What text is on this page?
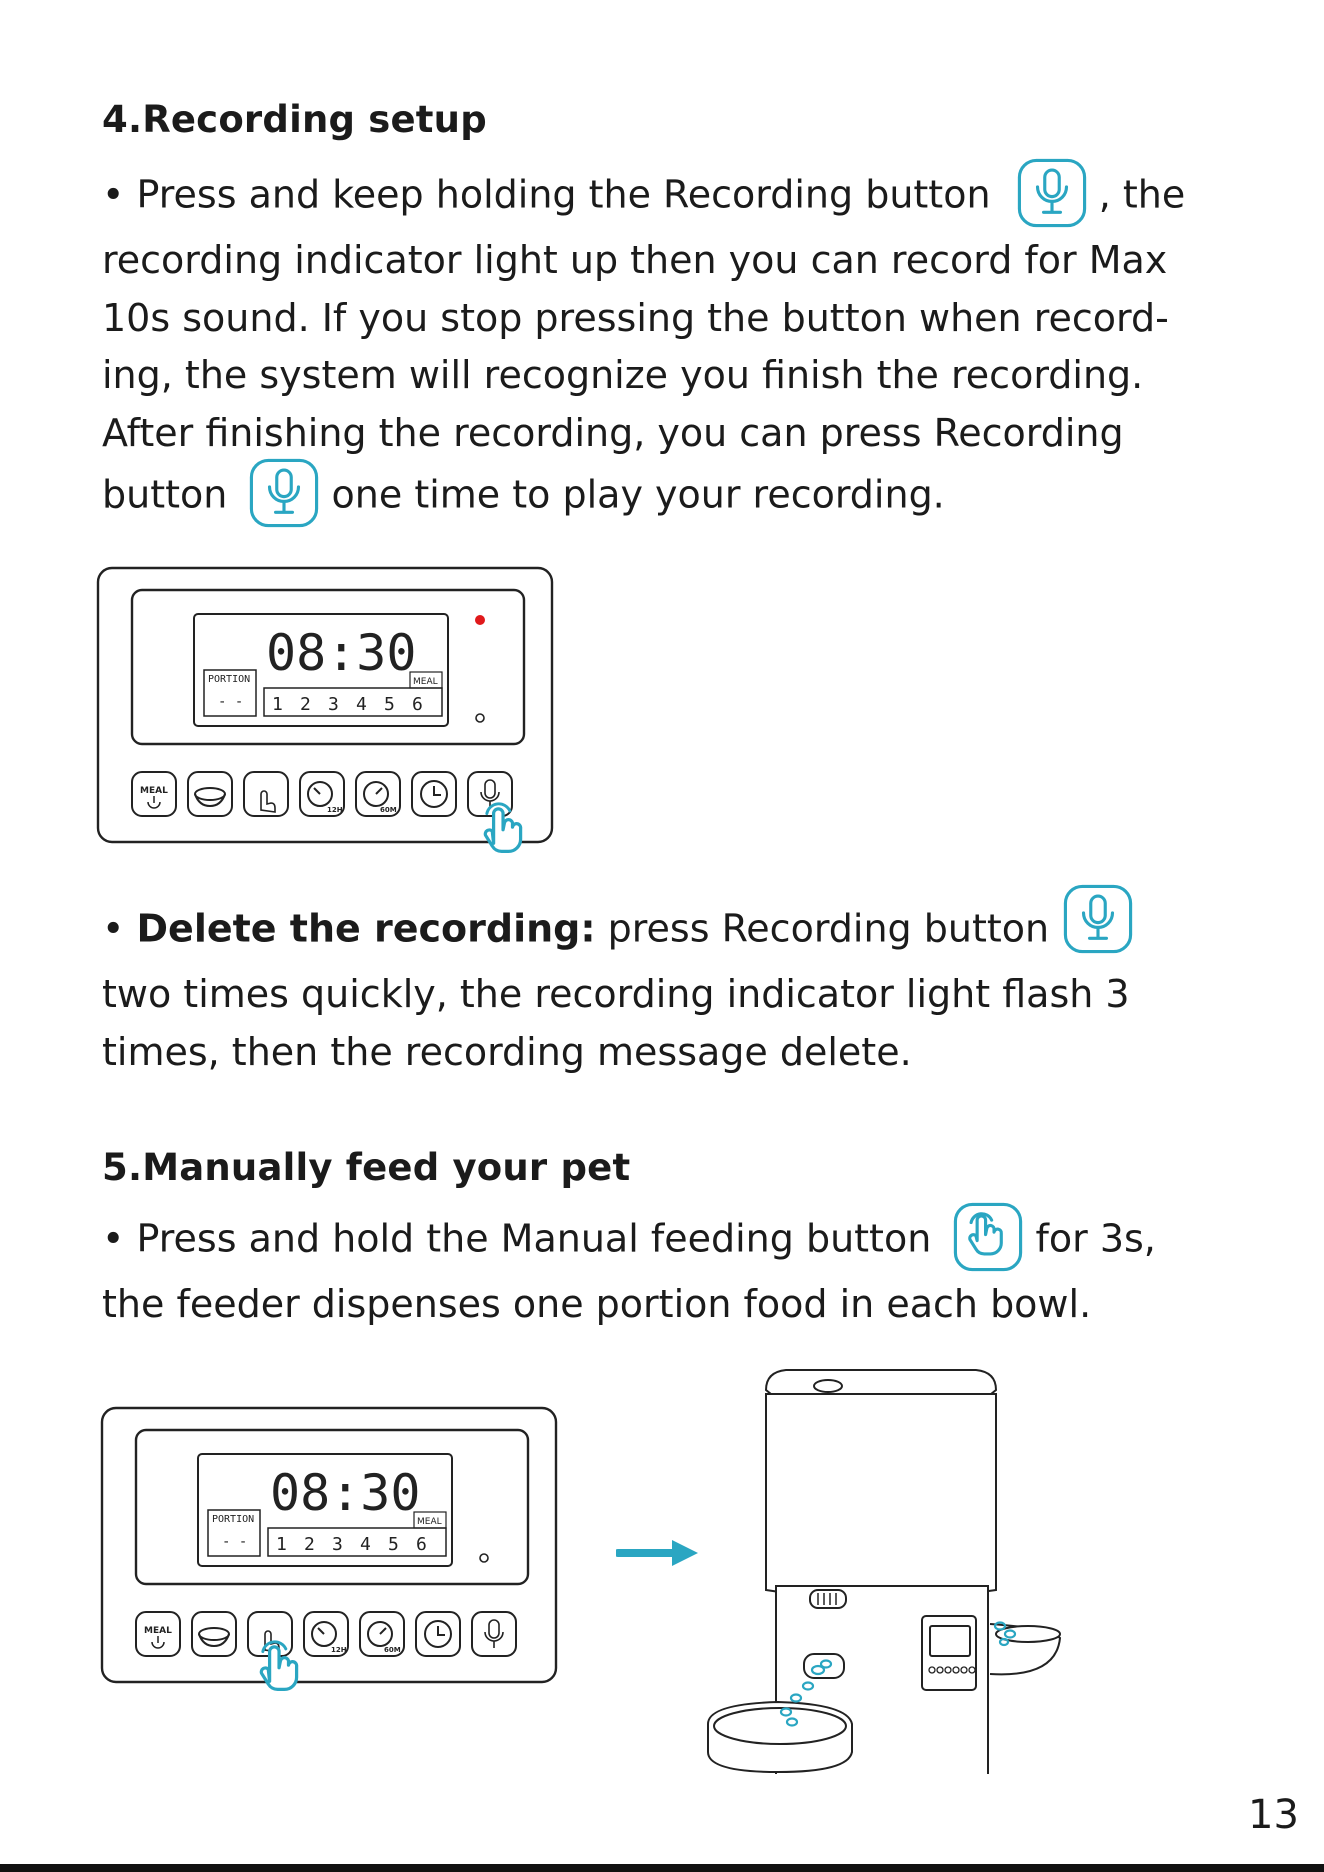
4.Recording setup
• Press and keep holding the Recording button	, the
recording indicator light up then you can record for Max
10s sound. If you stop pressing the button when record-
ing, the system will recognize you finish the recording.
After finishing the recording, you can press Recording
button	one time to play your recording.
08:30
PORTION
- -
MEAL
1 2 3 4 5 6
MEAL
12H	60M
• Delete the recording: press Recording button
two times quickly, the recording indicator light flash 3
times, then the recording message delete.
5.Manually feed your pet
• Press and hold the Manual feeding button	for 3s,
the feeder dispenses one portion food in each bowl.
08:30
PORTION
- -
MEAL
1 2 3 4 5 6
MEAL
12H	60M
13
